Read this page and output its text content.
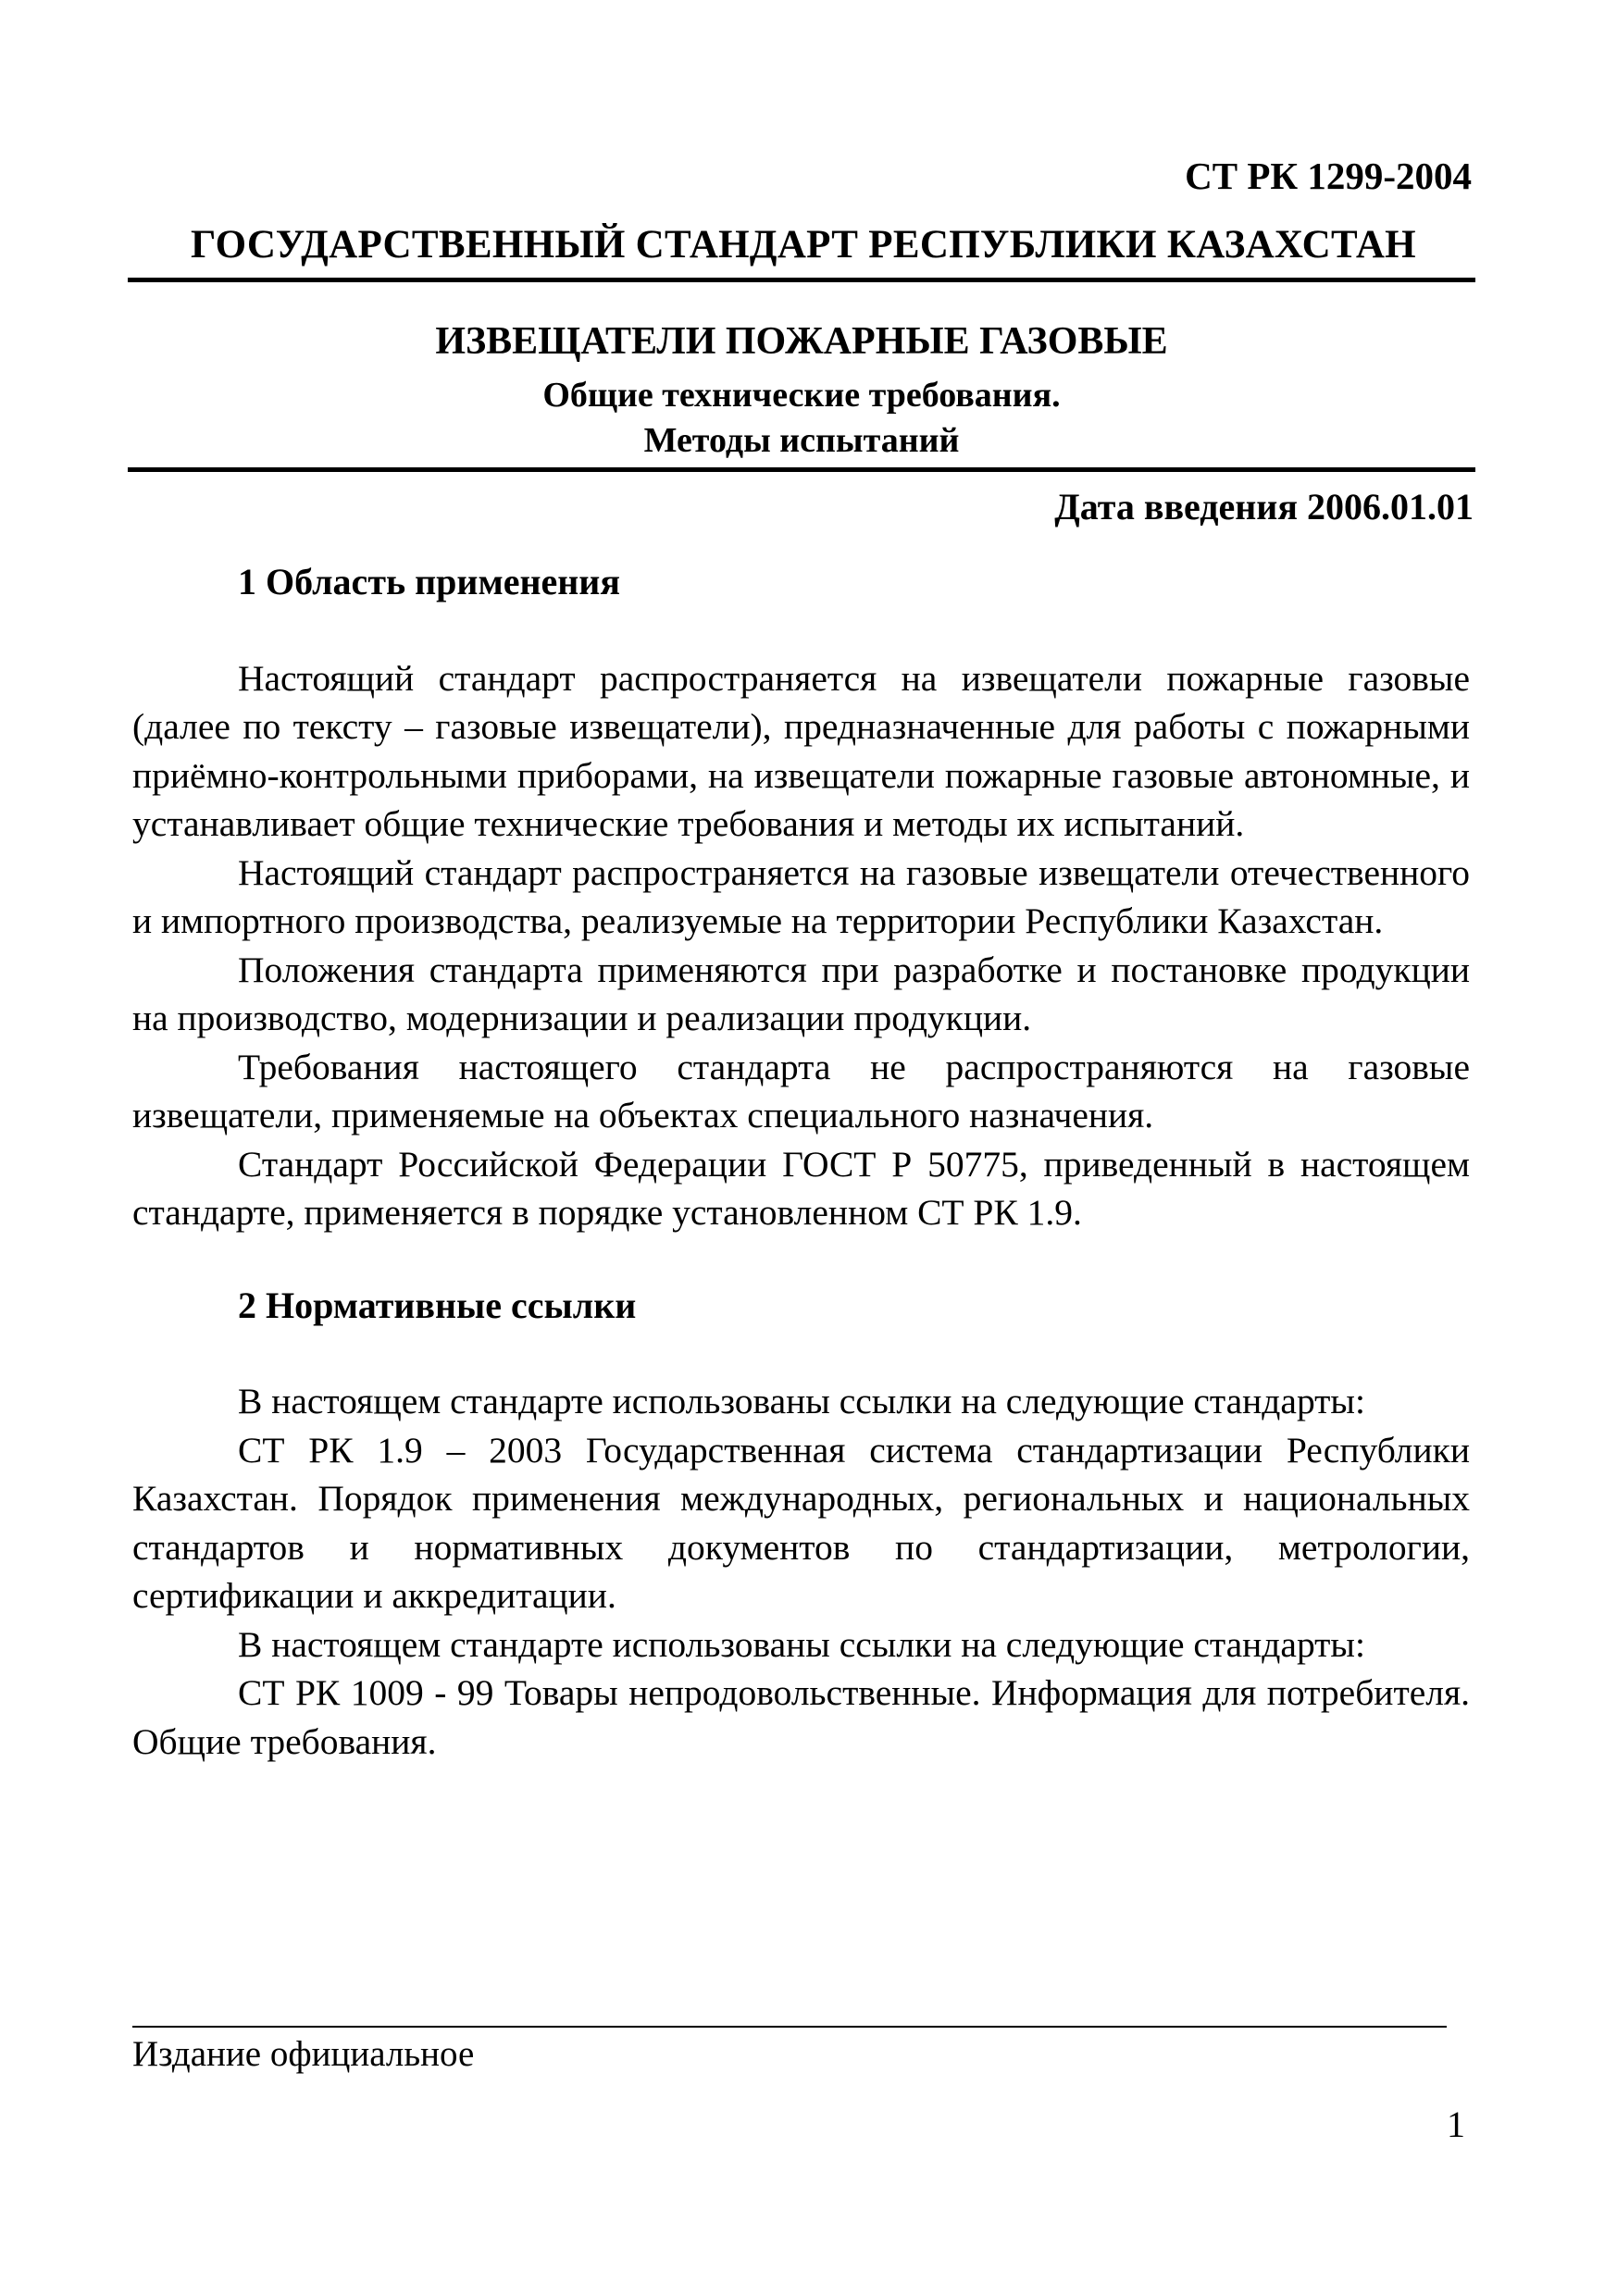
СТ РК 1299-2004
ГОСУДАРСТВЕННЫЙ СТАНДАРТ РЕСПУБЛИКИ КАЗАХСТАН
ИЗВЕЩАТЕЛИ ПОЖАРНЫЕ ГАЗОВЫЕ
Общие технические требования.
Методы испытаний
Дата введения 2006.01.01
1 Область применения

Настоящий стандарт распространяется на извещатели пожарные газовые (далее по тексту – газовые извещатели), предназначенные для работы с пожарными приёмно-контрольными приборами, на извещатели пожарные газовые автономные, и устанавливает общие технические требования и методы их испытаний.

Настоящий стандарт распространяется на газовые извещатели отечественного и импортного производства, реализуемые на территории Республики Казахстан.

Положения стандарта применяются при разработке и постановке продукции на производство, модернизации и реализации продукции.

Требования настоящего стандарта не распространяются на газовые извещатели, применяемые на объектах специального назначения.

Стандарт Российской Федерации ГОСТ Р 50775, приведенный в настоящем стандарте, применяется в порядке установленном СТ РК 1.9.

2 Нормативные ссылки

В настоящем стандарте использованы ссылки на следующие стандарты:

СТ РК 1.9 – 2003 Государственная система стандартизации Республики Казахстан. Порядок применения международных, региональных и национальных стандартов и нормативных документов по стандартизации, метрологии, сертификации и аккредитации.

В настоящем стандарте использованы ссылки на следующие стандарты:

СТ РК 1009 - 99 Товары непродовольственные. Информация для потребителя. Общие требования.

Издание официальное
1
